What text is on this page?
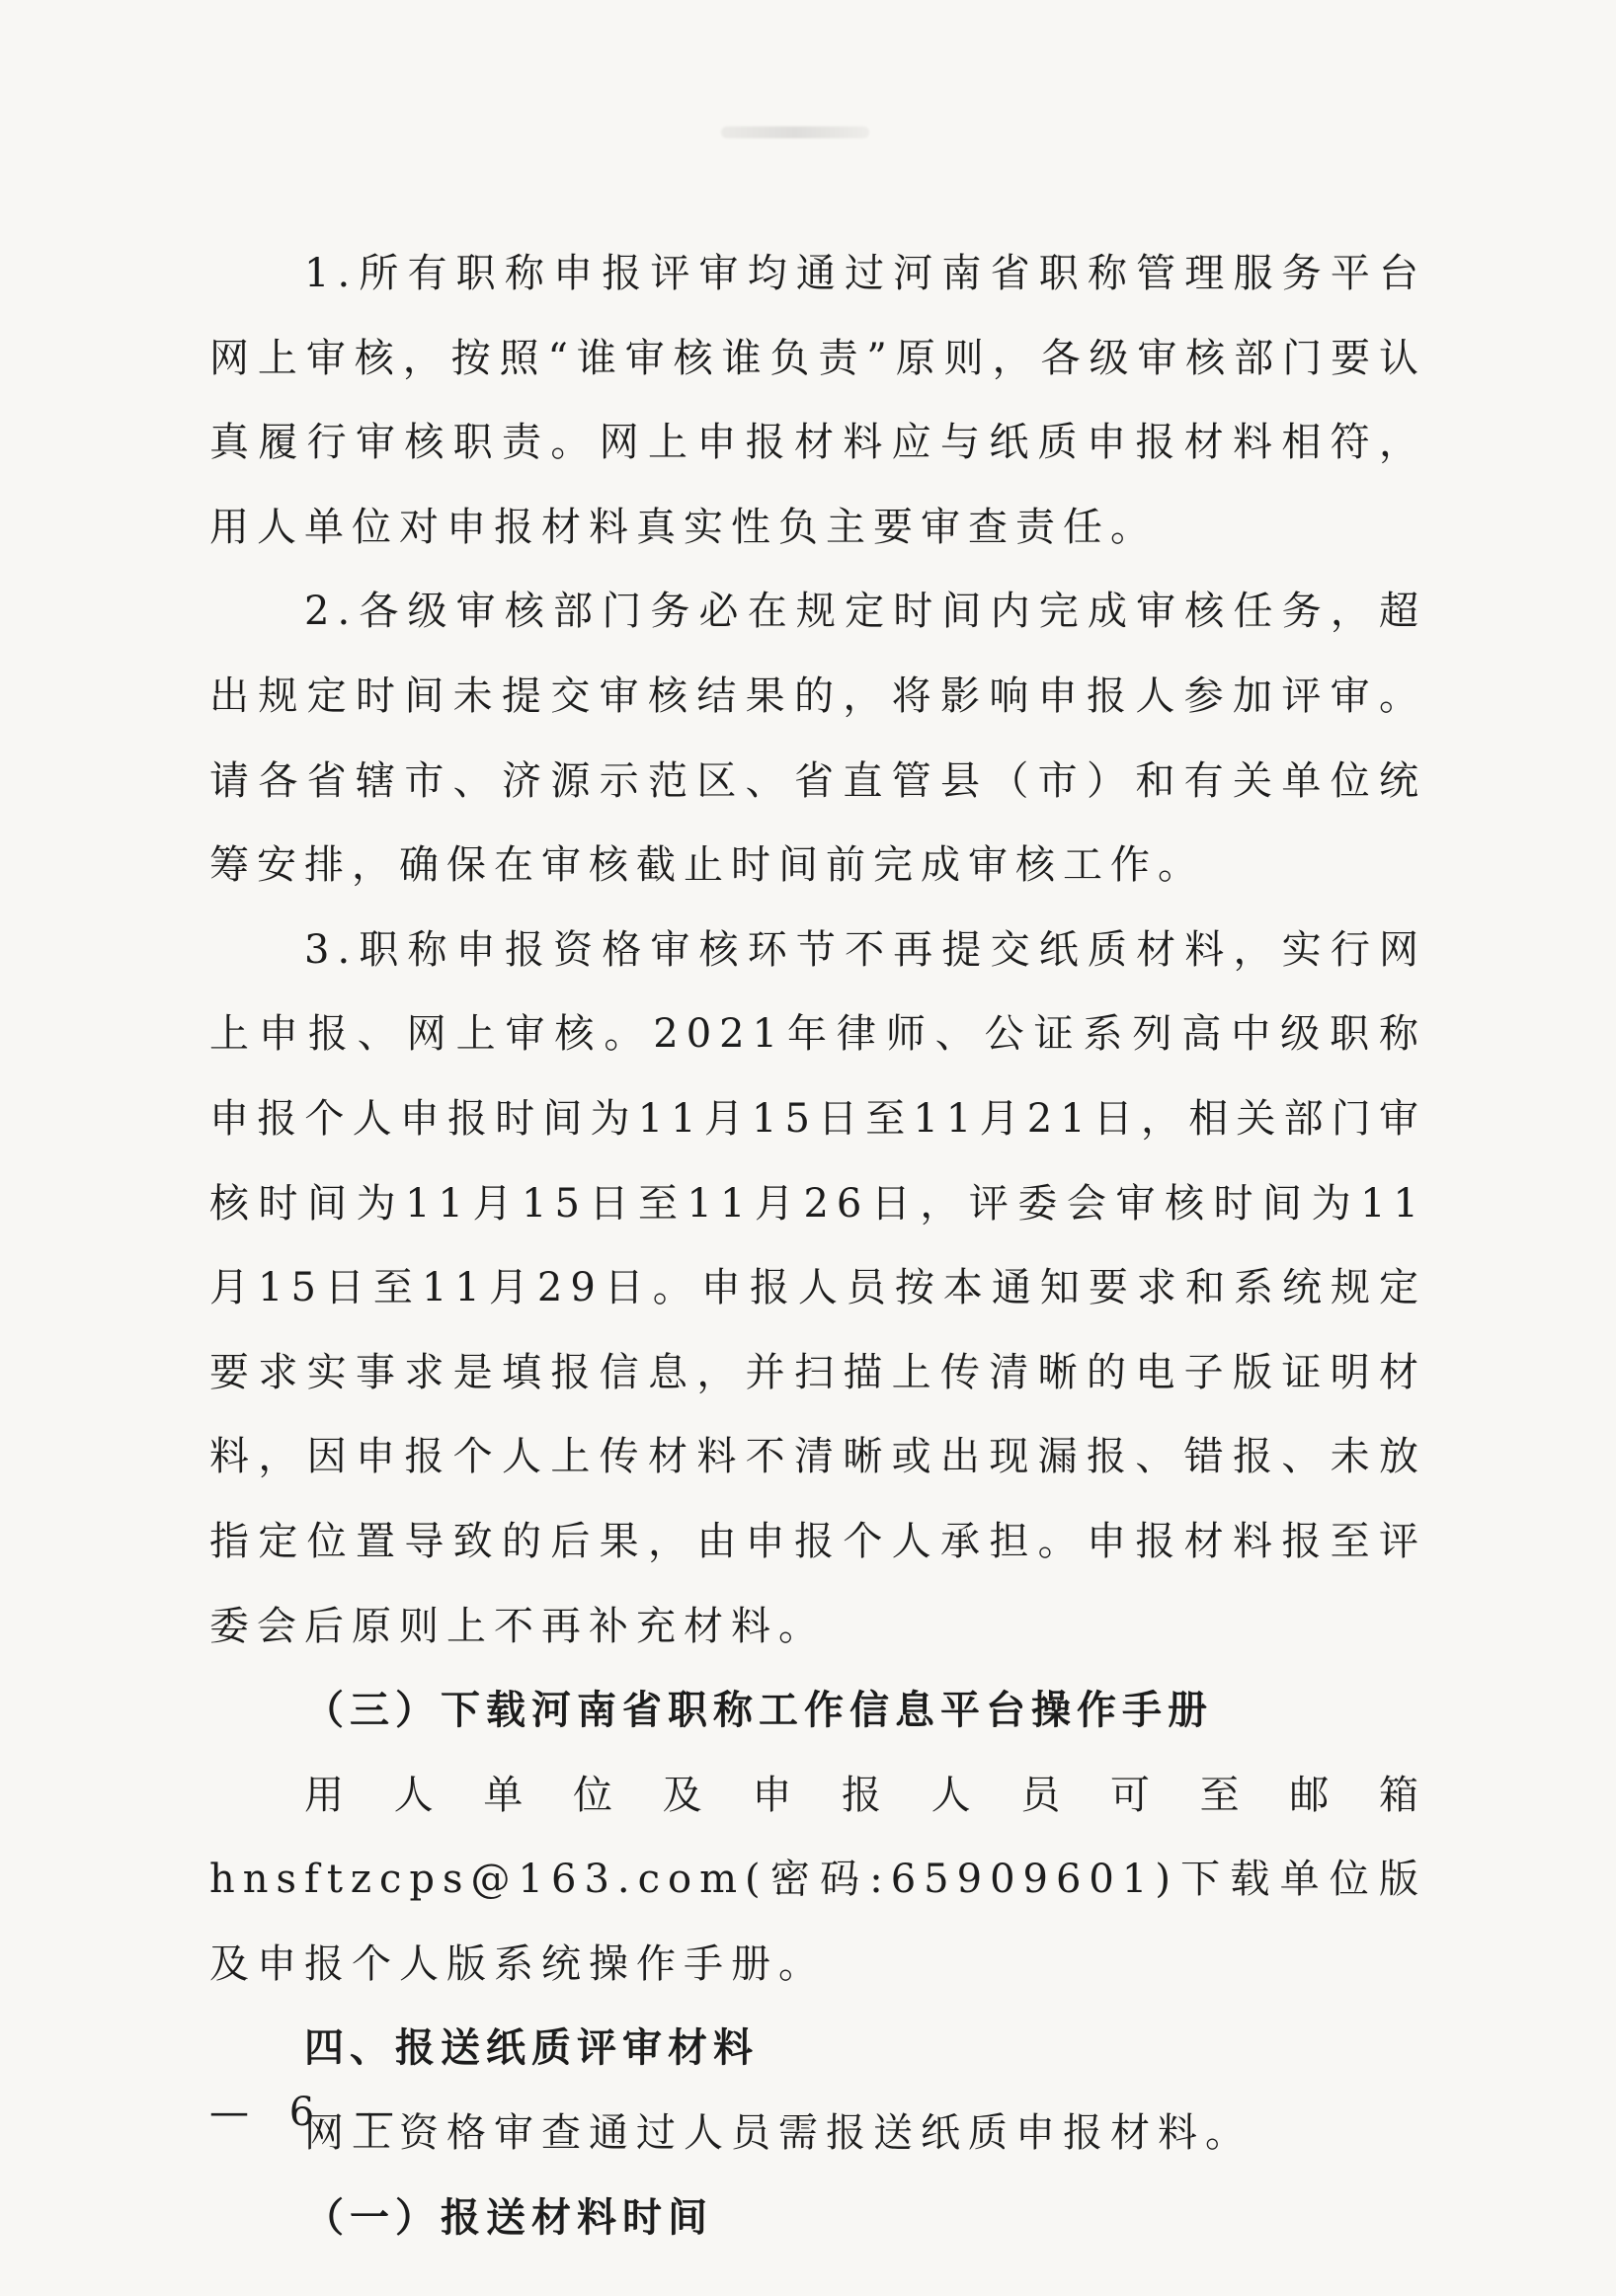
1.所有职称申报评审均通过河南省职称管理服务平台网上审核，按照“谁审核谁负责”原则，各级审核部门要认真履行审核职责。网上申报材料应与纸质申报材料相符，用人单位对申报材料真实性负主要审查责任。

2.各级审核部门务必在规定时间内完成审核任务，超出规定时间未提交审核结果的，将影响申报人参加评审。请各省辖市、济源示范区、省直管县（市）和有关单位统筹安排，确保在审核截止时间前完成审核工作。

3.职称申报资格审核环节不再提交纸质材料，实行网上申报、网上审核。2021年律师、公证系列高中级职称申报个人申报时间为11月15日至11月21日，相关部门审核时间为11月15日至11月26日，评委会审核时间为11月15日至11月29日。申报人员按本通知要求和系统规定要求实事求是填报信息，并扫描上传清晰的电子版证明材料，因申报个人上传材料不清晰或出现漏报、错报、未放指定位置导致的后果，由申报个人承担。申报材料报至评委会后原则上不再补充材料。

（三）下载河南省职称工作信息平台操作手册

用人单位及申报人员可至邮箱hnsftzcps@163.com(密码:65909601)下载单位版及申报个人版系统操作手册。

四、报送纸质评审材料

网上资格审查通过人员需报送纸质申报材料。

（一）报送材料时间

— 6 —
